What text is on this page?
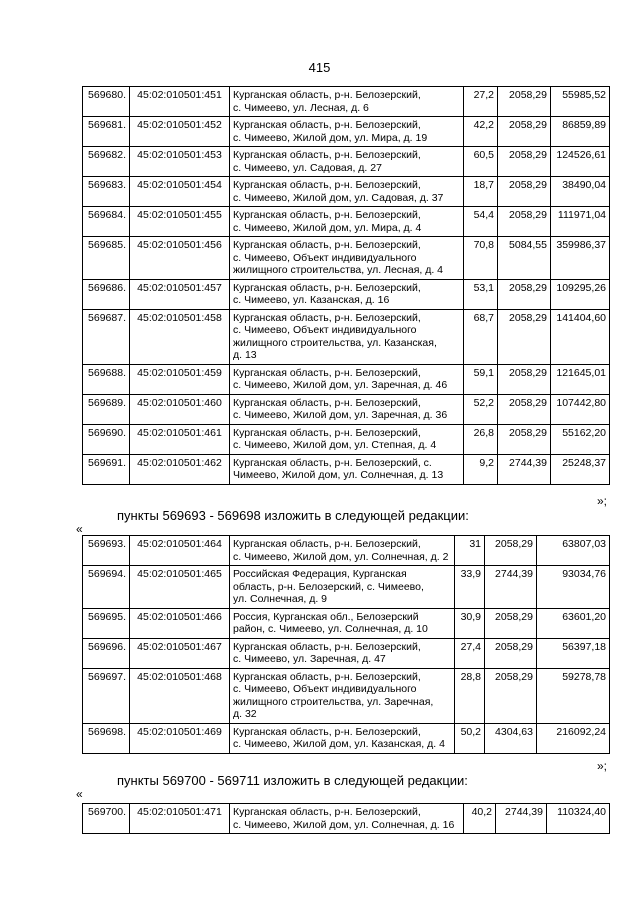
415
569680.	45:02:010501:451	Курганская область, р-н. Белозерский,
с. Чимеево, ул. Лесная, д. 6	27,2	2058,29	55985,52
569681.	45:02:010501:452	Курганская область, р-н. Белозерский,
с. Чимеево, Жилой дом, ул. Мира, д. 19	42,2	2058,29	86859,89
569682.	45:02:010501:453	Курганская область, р-н. Белозерский,
с. Чимеево, ул. Садовая, д. 27	60,5	2058,29	124526,61
569683.	45:02:010501:454	Курганская область, р-н. Белозерский,
с. Чимеево, Жилой дом, ул. Садовая, д. 37	18,7	2058,29	38490,04
569684.	45:02:010501:455	Курганская область, р-н. Белозерский,
с. Чимеево, Жилой дом, ул. Мира, д. 4	54,4	2058,29	111971,04
569685.	45:02:010501:456	Курганская область, р-н. Белозерский,
с. Чимеево, Объект индивидуального
жилищного строительства, ул. Лесная, д. 4	70,8	5084,55	359986,37
569686.	45:02:010501:457	Курганская область, р-н. Белозерский,
с. Чимеево, ул. Казанская, д. 16	53,1	2058,29	109295,26
569687.	45:02:010501:458	Курганская область, р-н. Белозерский,
с. Чимеево, Объект индивидуального
жилищного строительства, ул. Казанская,
д. 13	68,7	2058,29	141404,60
569688.	45:02:010501:459	Курганская область, р-н. Белозерский,
с. Чимеево, Жилой дом, ул. Заречная, д. 46	59,1	2058,29	121645,01
569689.	45:02:010501:460	Курганская область, р-н. Белозерский,
с. Чимеево, Жилой дом, ул. Заречная, д. 36	52,2	2058,29	107442,80
569690.	45:02:010501:461	Курганская область, р-н. Белозерский,
с. Чимеево, Жилой дом, ул. Степная, д. 4	26,8	2058,29	55162,20
569691.	45:02:010501:462	Курганская область, р-н. Белозерский, с.
Чимеево, Жилой дом, ул. Солнечная, д. 13	9,2	2744,39	25248,37
»;
пункты 569693 - 569698 изложить в следующей редакции:
«
569693.	45:02:010501:464	Курганская область, р-н. Белозерский,
с. Чимеево, Жилой дом, ул. Солнечная, д. 2	31	2058,29	63807,03
569694.	45:02:010501:465	Российская Федерация, Курганская
область, р-н. Белозерский, с. Чимеево,
ул. Солнечная, д. 9	33,9	2744,39	93034,76
569695.	45:02:010501:466	Россия, Курганская обл., Белозерский
район, с. Чимеево, ул. Солнечная, д. 10	30,9	2058,29	63601,20
569696.	45:02:010501:467	Курганская область, р-н. Белозерский,
с. Чимеево, ул. Заречная, д. 47	27,4	2058,29	56397,18
569697.	45:02:010501:468	Курганская область, р-н. Белозерский,
с. Чимеево, Объект индивидуального
жилищного строительства, ул. Заречная,
д. 32	28,8	2058,29	59278,78
569698.	45:02:010501:469	Курганская область, р-н. Белозерский,
с. Чимеево, Жилой дом, ул. Казанская, д. 4	50,2	4304,63	216092,24
»;
пункты 569700 - 569711 изложить в следующей редакции:
«
569700.	45:02:010501:471	Курганская область, р-н. Белозерский,
с. Чимеево, Жилой дом, ул. Солнечная, д. 16
	40,2	2744,39	110324,40
